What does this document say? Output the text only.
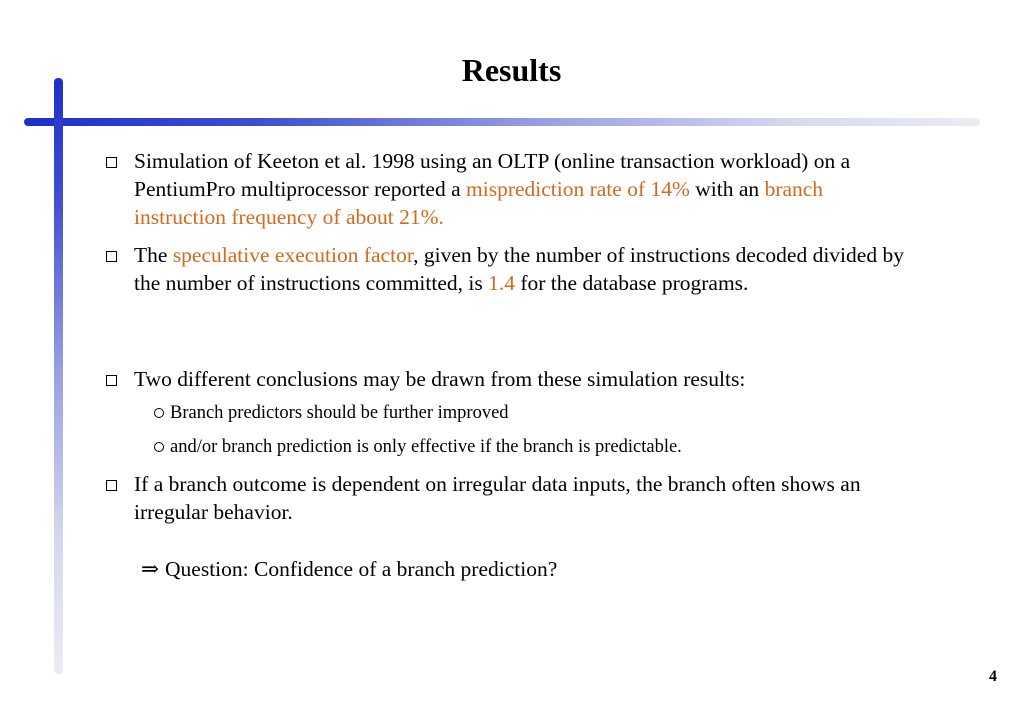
Results
Simulation of Keeton et al. 1998 using an OLTP (online transaction workload) on a PentiumPro multiprocessor reported a misprediction rate of 14% with an branch instruction frequency of about 21%.
The speculative execution factor, given by the number of instructions decoded divided by the number of instructions committed, is 1.4 for the database programs.
Two different conclusions may be drawn from these simulation results:
Branch predictors should be further improved
and/or branch prediction is only effective if the branch is predictable.
If a branch outcome is dependent on irregular data inputs, the branch often shows an irregular behavior.
⇒ Question: Confidence of a branch prediction?
4
